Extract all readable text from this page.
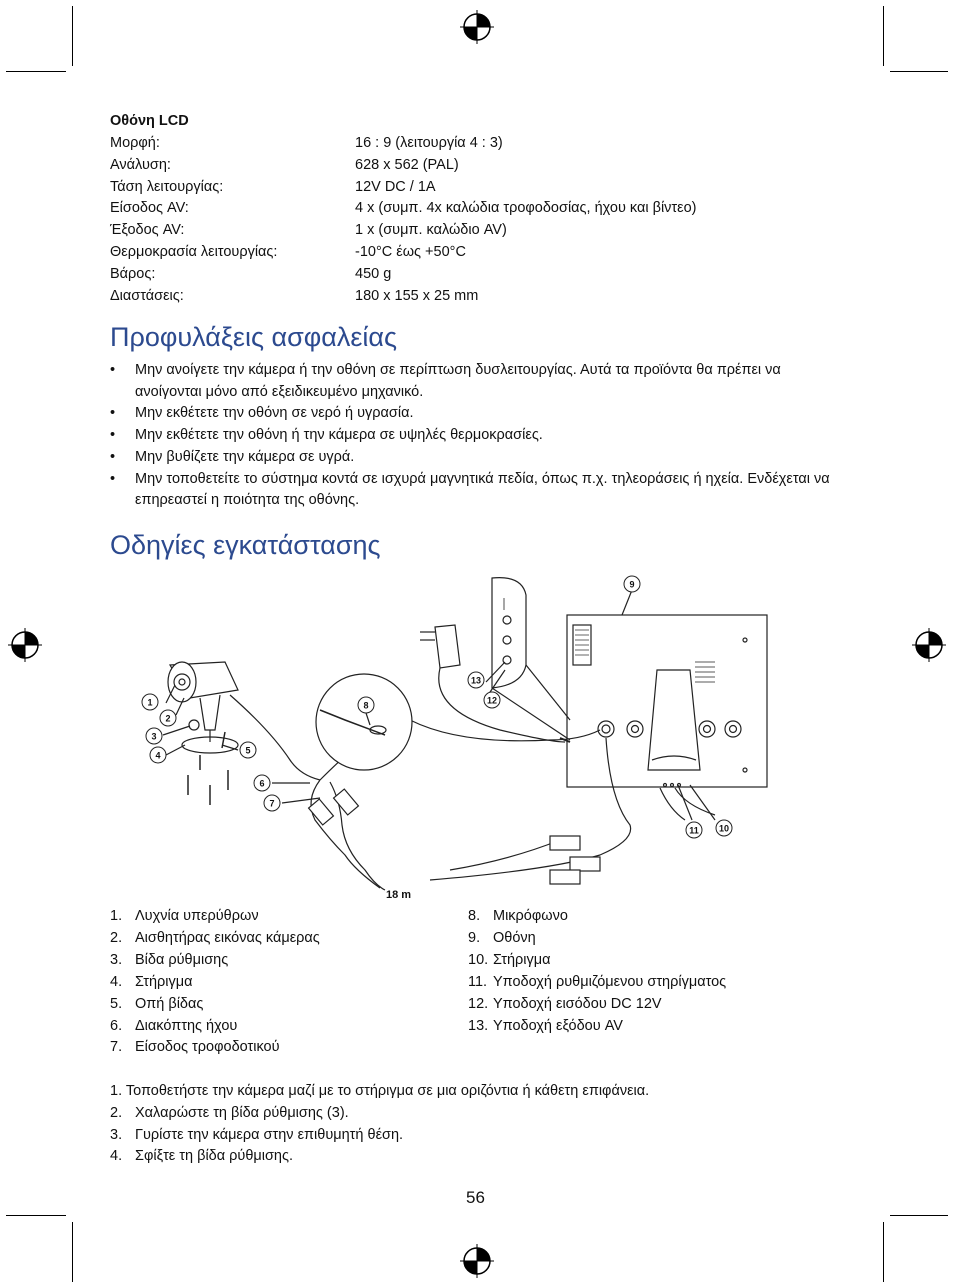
Οθόνη LCD
Μορφή:	16 : 9 (λειτουργία 4 : 3)
Ανάλυση:	628 x 562 (PAL)
Τάση λειτουργίας:	12V DC / 1A
Είσοδος AV:	4 x (συμπ. 4x καλώδια τροφοδοσίας, ήχου και βίντεο)
Έξοδος AV:	1 x (συμπ. καλώδιο AV)
Θερμοκρασία λειτουργίας:	-10°C έως +50°C
Βάρος:	450 g
Διαστάσεις:	180 x 155 x 25 mm
Προφυλάξεις ασφαλείας
• Μην ανοίγετε την κάμερα ή την οθόνη σε περίπτωση δυσλειτουργίας. Αυτά τα προϊόντα θα πρέπει να ανοίγονται μόνο από εξειδικευμένο μηχανικό.
• Μην εκθέτετε την οθόνη σε νερό ή υγρασία.
• Μην εκθέτετε την οθόνη ή την κάμερα σε υψηλές θερμοκρασίες.
• Μην βυθίζετε την κάμερα σε υγρά.
• Μην τοποθετείτε το σύστημα κοντά σε ισχυρά μαγνητικά πεδία, όπως π.χ. τηλεοράσεις ή ηχεία. Ενδέχεται να επηρεαστεί η ποιότητα της οθόνης.
Οδηγίες εγκατάστασης
9
10
11
12
13
1
2
3
4	5
6
7
8
18 m
1. Λυχνία υπερύθρων
2. Αισθητήρας εικόνας κάμερας
3. Βίδα ρύθμισης
4. Στήριγμα
5. Οπή βίδας
6. Διακόπτης ήχου
7. Είσοδος τροφοδοτικού
8. Μικρόφωνο
9. Οθόνη
10. Στήριγμα
11. Υποδοχή ρυθμιζόμενου στηρίγματος
12. Υποδοχή εισόδου DC 12V
13. Υποδοχή εξόδου AV
1. Τοποθετήστε την κάμερα μαζί με το στήριγμα σε μια οριζόντια ή κάθετη επιφάνεια.
2. Χαλαρώστε τη βίδα ρύθμισης (3).
3. Γυρίστε την κάμερα στην επιθυμητή θέση.
4. Σφίξτε τη βίδα ρύθμισης.
56
